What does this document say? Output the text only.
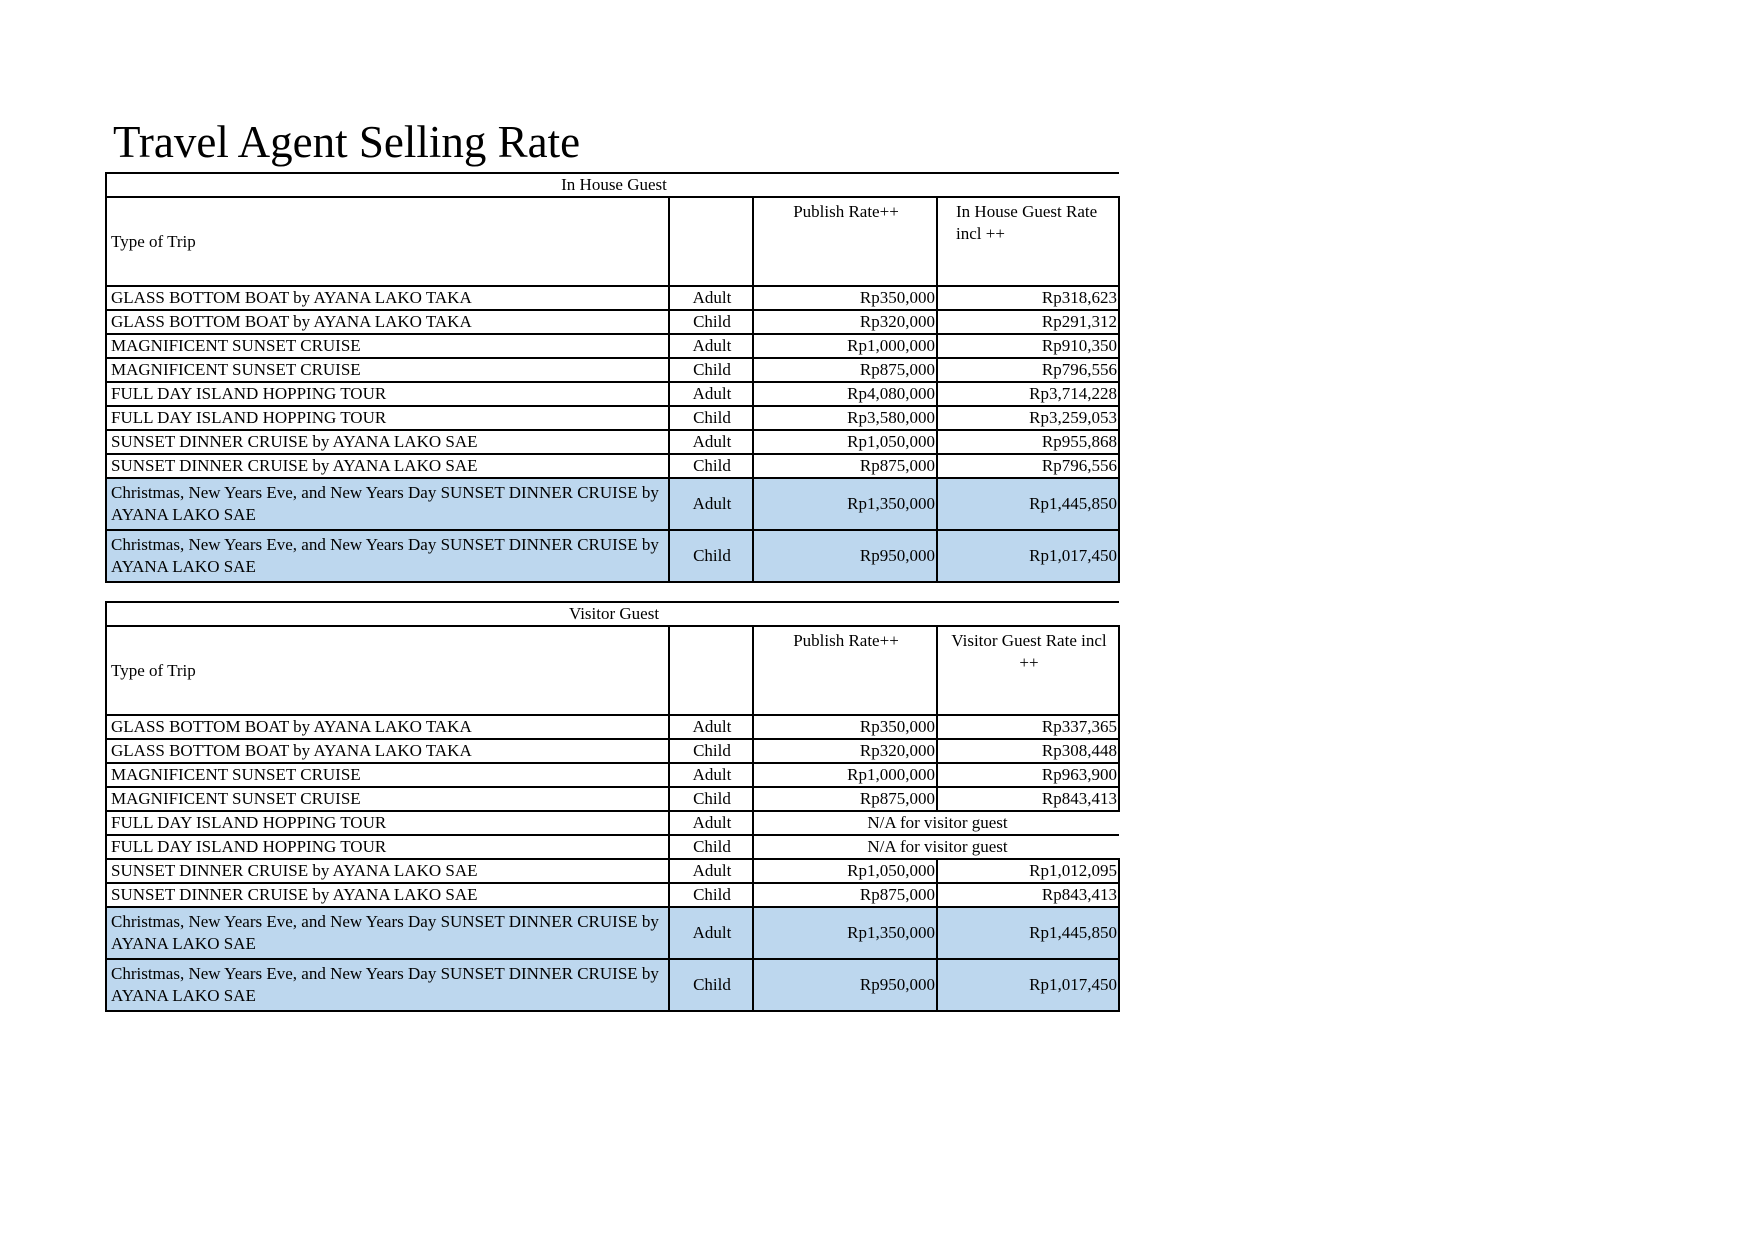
Travel Agent Selling Rate
In House Guest			

Type of Trip		Publish Rate++	In House Guest Rate incl ++
GLASS BOTTOM BOAT by AYANA LAKO TAKA	Adult	Rp350,000	Rp318,623
GLASS BOTTOM BOAT by AYANA LAKO TAKA	Child	Rp320,000	Rp291,312
MAGNIFICENT SUNSET CRUISE	Adult	Rp1,000,000	Rp910,350
MAGNIFICENT SUNSET CRUISE	Child	Rp875,000	Rp796,556
FULL DAY ISLAND HOPPING TOUR	Adult	Rp4,080,000	Rp3,714,228
FULL DAY ISLAND HOPPING TOUR	Child	Rp3,580,000	Rp3,259,053
SUNSET DINNER CRUISE by AYANA LAKO SAE	Adult	Rp1,050,000	Rp955,868
SUNSET DINNER CRUISE by AYANA LAKO SAE	Child	Rp875,000	Rp796,556
Christmas, New Years Eve, and New Years Day SUNSET DINNER CRUISE by AYANA LAKO SAE	Adult	Rp1,350,000	Rp1,445,850
Christmas, New Years Eve, and New Years Day SUNSET DINNER CRUISE by AYANA LAKO SAE	Child	Rp950,000	Rp1,017,450
Visitor Guest			

Type of Trip		Publish Rate++	Visitor Guest Rate incl ++
GLASS BOTTOM BOAT by AYANA LAKO TAKA	Adult	Rp350,000	Rp337,365
GLASS BOTTOM BOAT by AYANA LAKO TAKA	Child	Rp320,000	Rp308,448
MAGNIFICENT SUNSET CRUISE	Adult	Rp1,000,000	Rp963,900
MAGNIFICENT SUNSET CRUISE	Child	Rp875,000	Rp843,413
FULL DAY ISLAND HOPPING TOUR	Adult	N/A for visitor guest	
FULL DAY ISLAND HOPPING TOUR	Child	N/A for visitor guest	
SUNSET DINNER CRUISE by AYANA LAKO SAE	Adult	Rp1,050,000	Rp1,012,095
SUNSET DINNER CRUISE by AYANA LAKO SAE	Child	Rp875,000	Rp843,413
Christmas, New Years Eve, and New Years Day SUNSET DINNER CRUISE by AYANA LAKO SAE	Adult	Rp1,350,000	Rp1,445,850
Christmas, New Years Eve, and New Years Day SUNSET DINNER CRUISE by AYANA LAKO SAE	Child	Rp950,000	Rp1,017,450
